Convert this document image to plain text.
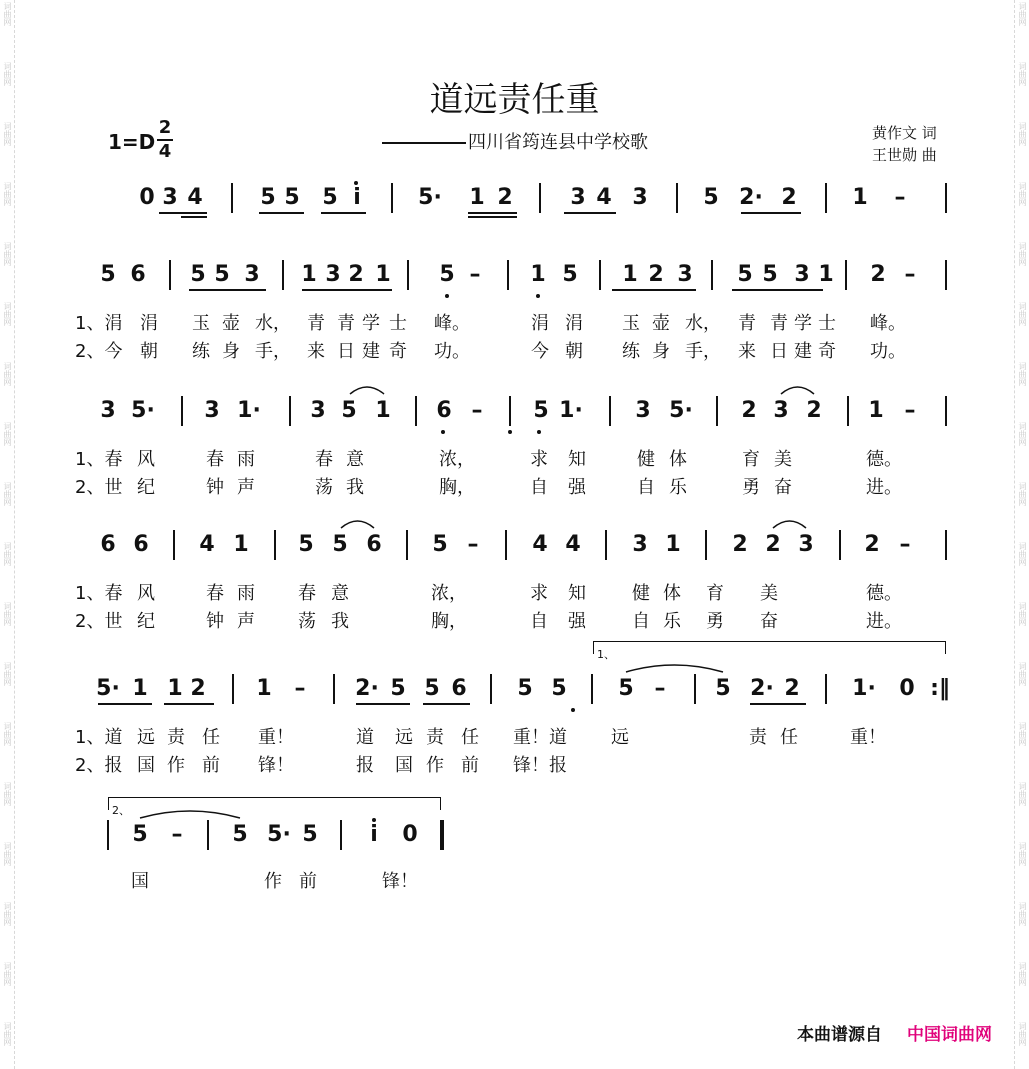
道远责任重
1=D
2
4	四川省筠连县中学校歌	黄作文 词
王世勋 曲
0 3 4	5 5 5 i	5· 1 2	3 4 3	5 2· 2	1 –
5 6 5 5 3 1 3 2 1 5 – 1 5 1 2 3 5 5 3 1 2 –
1、涓 涓 玉 壶 水， 青 青 学 士 峰。	涓 涓 玉 壶 水， 青 青 学 士 峰。
2、今 朝 练 身 手， 来 日 建 奇 功。	今 朝 练 身 手， 来 日 建 奇 功。
3 5· 3 1· 3 5 1 6 – 5 1· 3 5· 2 3 2 1 –
1、春 风	春 雨	春 意	浓，	求 知	健 体	育 美	德。
2、世 纪	钟 声	荡 我	胸，	自 强	自 乐	勇 奋	进。
6 6 4 1 5 5 6 5 – 4 4 3 1 2 2 3 2 –
1、春 风	春 雨 春 意	浓，	求 知	健 体 育 美	德。
2、世 纪	钟 声 荡 我	胸，	自 强	自 乐 勇 奋	进。
5· 1 1 2 1 – 2· 5 5 6 5 5 5 – 5 2· 2 1· 0 :‖
1、道 远 责 任 重！	道 远 责 任 重！道 远	责 任	重！
2、报 国 作 前 锋！	报 国 作 前 锋！报
5 – 5 5· 5 i 0
国	作 前	锋！
1、
2、
本曲谱源自 中国词曲网
词曲网
词曲网
词曲网
词曲网
词曲网
词曲网
词曲网
词曲网
词曲网
词曲网
词曲网
词曲网
词曲网
词曲网
词曲网
词曲网
词曲网
词曲网
词曲网
词曲网
词曲网
词曲网
词曲网
词曲网
词曲网
词曲网
词曲网
词曲网
词曲网
词曲网
词曲网
词曲网
词曲网
词曲网
词曲网
词曲网
